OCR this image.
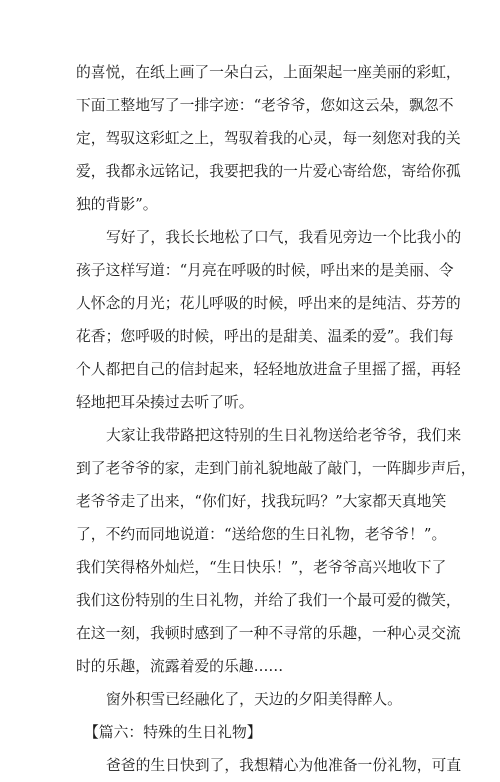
的喜悦，在纸上画了一朵白云，上面架起一座美丽的彩虹，
下面工整地写了一排字迹：“老爷爷，您如这云朵，飘忽不
定，驾驭这彩虹之上，驾驭着我的心灵，每一刻您对我的关
爱，我都永远铭记，我要把我的一片爱心寄给您，寄给你孤
独的背影”。
写好了，我长长地松了口气，我看见旁边一个比我小的
孩子这样写道：“月亮在呼吸的时候，呼出来的是美丽、令
人怀念的月光；花儿呼吸的时候，呼出来的是纯洁、芬芳的
花香；您呼吸的时候，呼出的是甜美、温柔的爱”。我们每
个人都把自己的信封起来，轻轻地放进盒子里摇了摇，再轻
轻地把耳朵揍过去听了听。
大家让我带路把这特别的生日礼物送给老爷爷，我们来
到了老爷爷的家，走到门前礼貌地敲了敲门，一阵脚步声后，
老爷爷走了出来，“你们好，找我玩吗？”大家都天真地笑
了，不约而同地说道：“送给您的生日礼物，老爷爷！”。
我们笑得格外灿烂，“生日快乐！”，老爷爷高兴地收下了
我们这份特别的生日礼物，并给了我们一个最可爱的微笑，
在这一刻，我顿时感到了一种不寻常的乐趣，一种心灵交流
时的乐趣，流露着爱的乐趣……
窗外积雪已经融化了，天边的夕阳美得醉人。
【篇六：特殊的生日礼物】
爸爸的生日快到了，我想精心为他准备一份礼物，可直
